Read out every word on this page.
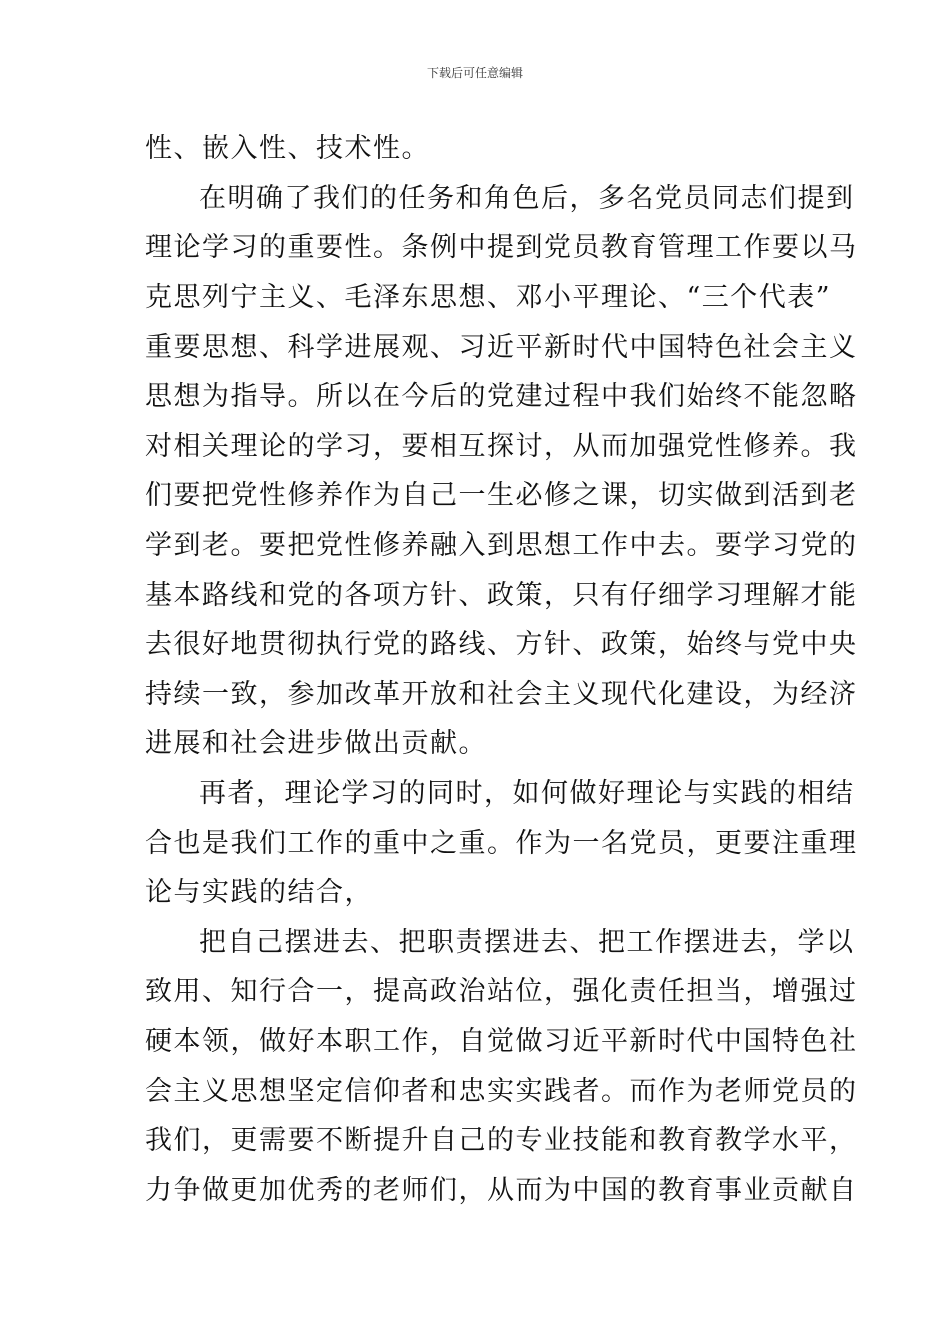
下载后可任意编辑
性、嵌入性、技术性。
在明确了我们的任务和角色后，多名党员同志们提到
理论学习的重要性。条例中提到党员教育管理工作要以马
克思列宁主义、毛泽东思想、邓小平理论、“三个代表”
重要思想、科学进展观、习近平新时代中国特色社会主义
思想为指导。所以在今后的党建过程中我们始终不能忽略
对相关理论的学习，要相互探讨，从而加强党性修养。我
们要把党性修养作为自己一生必修之课，切实做到活到老
学到老。要把党性修养融入到思想工作中去。要学习党的
基本路线和党的各项方针、政策，只有仔细学习理解才能
去很好地贯彻执行党的路线、方针、政策，始终与党中央
持续一致，参加改革开放和社会主义现代化建设，为经济
进展和社会进步做出贡献。
再者，理论学习的同时，如何做好理论与实践的相结
合也是我们工作的重中之重。作为一名党员，更要注重理
论与实践的结合，
把自己摆进去、把职责摆进去、把工作摆进去，学以
致用、知行合一，提高政治站位，强化责任担当，增强过
硬本领，做好本职工作，自觉做习近平新时代中国特色社
会主义思想坚定信仰者和忠实实践者。而作为老师党员的
我们，更需要不断提升自己的专业技能和教育教学水平，
力争做更加优秀的老师们，从而为中国的教育事业贡献自
